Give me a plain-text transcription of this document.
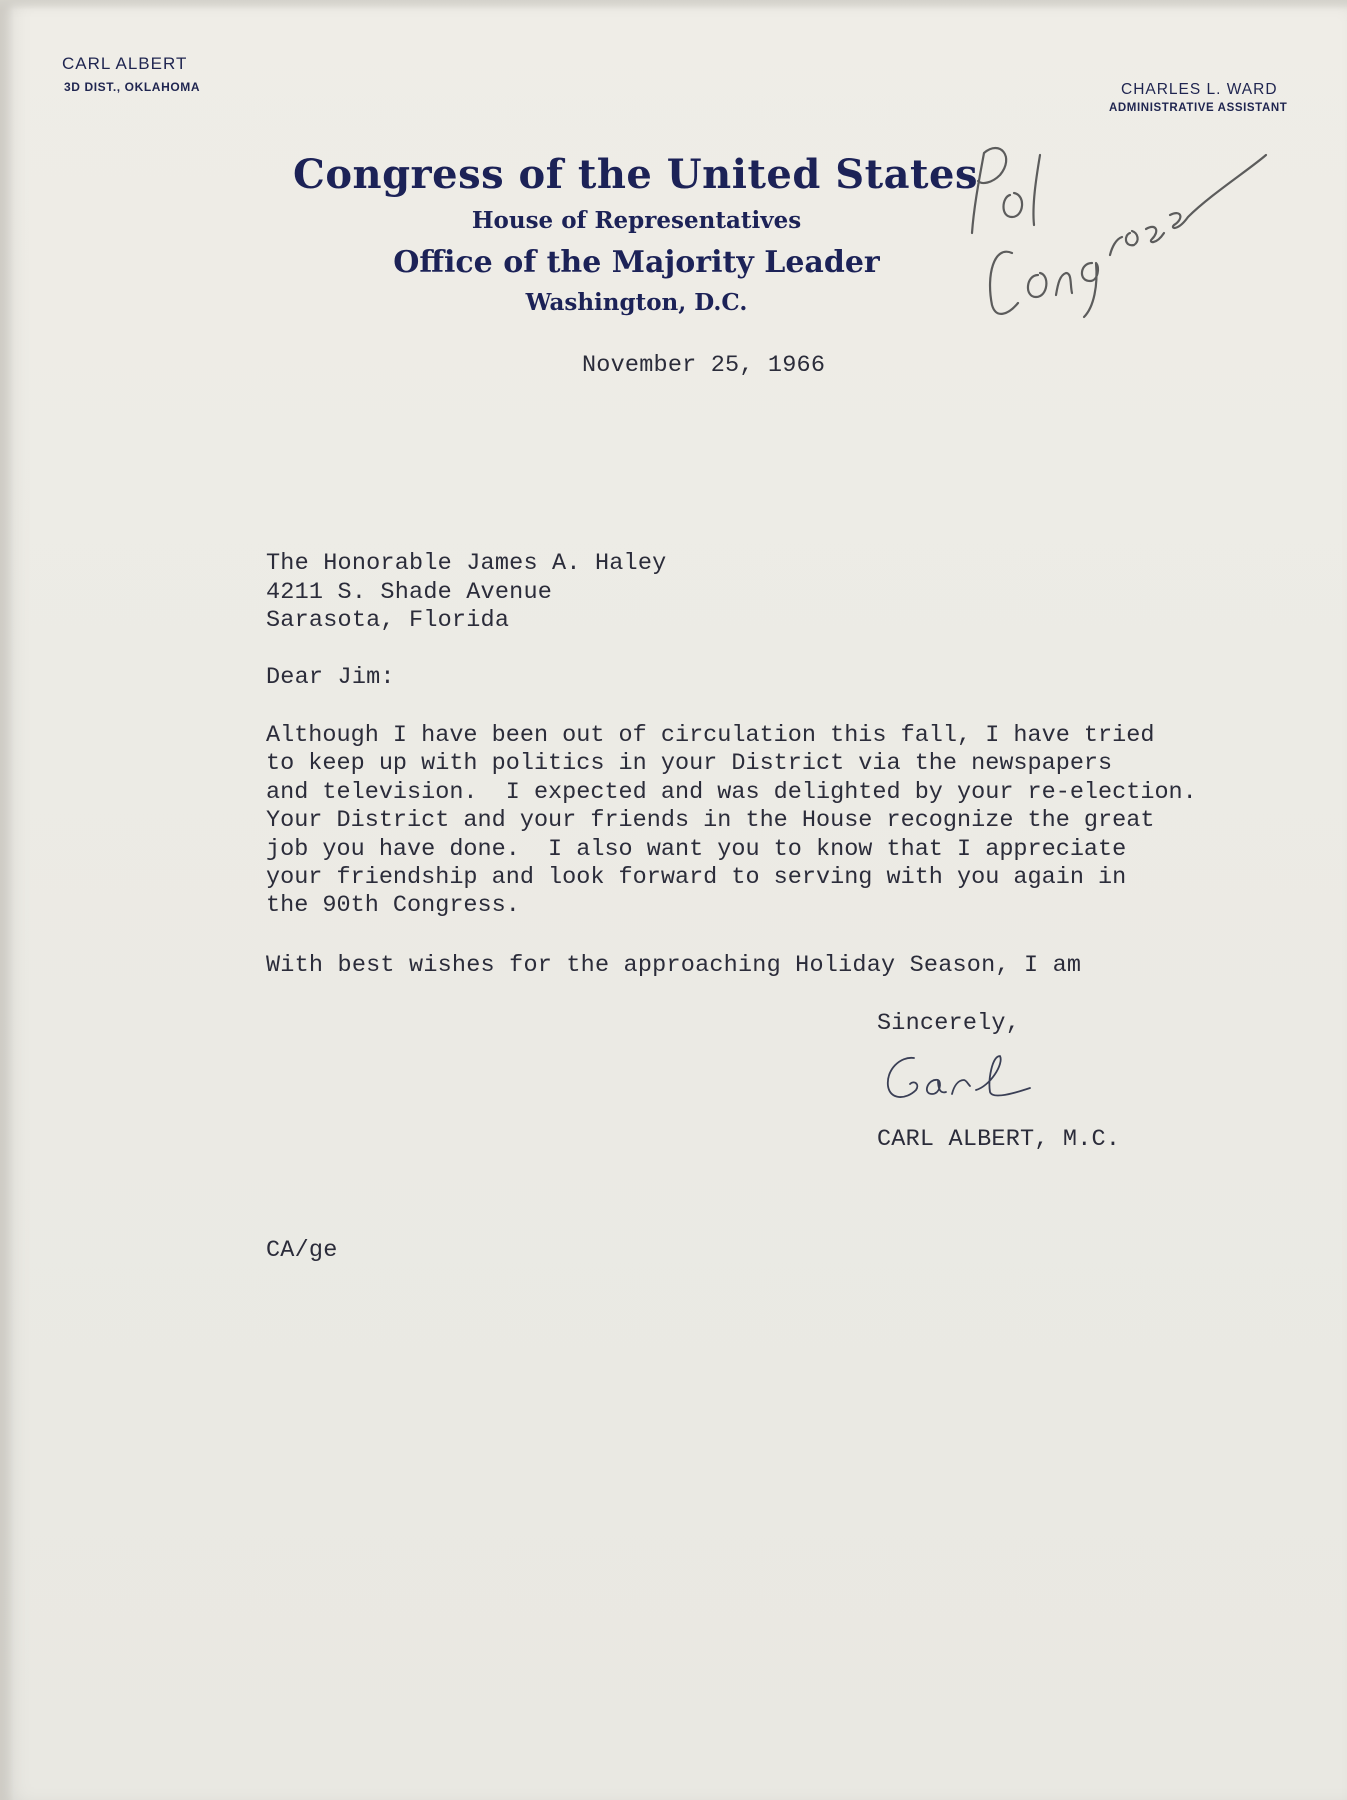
CARL ALBERT
3D DIST., OKLAHOMA	CHARLES L. WARD
ADMINISTRATIVE ASSISTANT
Congress of the United States
House of Representatives
Office of the Majority Leader
Washington, D.C.
November 25, 1966
The Honorable James A. Haley
4211 S. Shade Avenue
Sarasota, Florida
Dear Jim:
Although I have been out of circulation this fall, I have tried
to keep up with politics in your District via the newspapers
and television.  I expected and was delighted by your re-election.
Your District and your friends in the House recognize the great
job you have done.  I also want you to know that I appreciate
your friendship and look forward to serving with you again in
the 90th Congress.
With best wishes for the approaching Holiday Season, I am
Sincerely,
CARL ALBERT, M.C.
CA/ge
